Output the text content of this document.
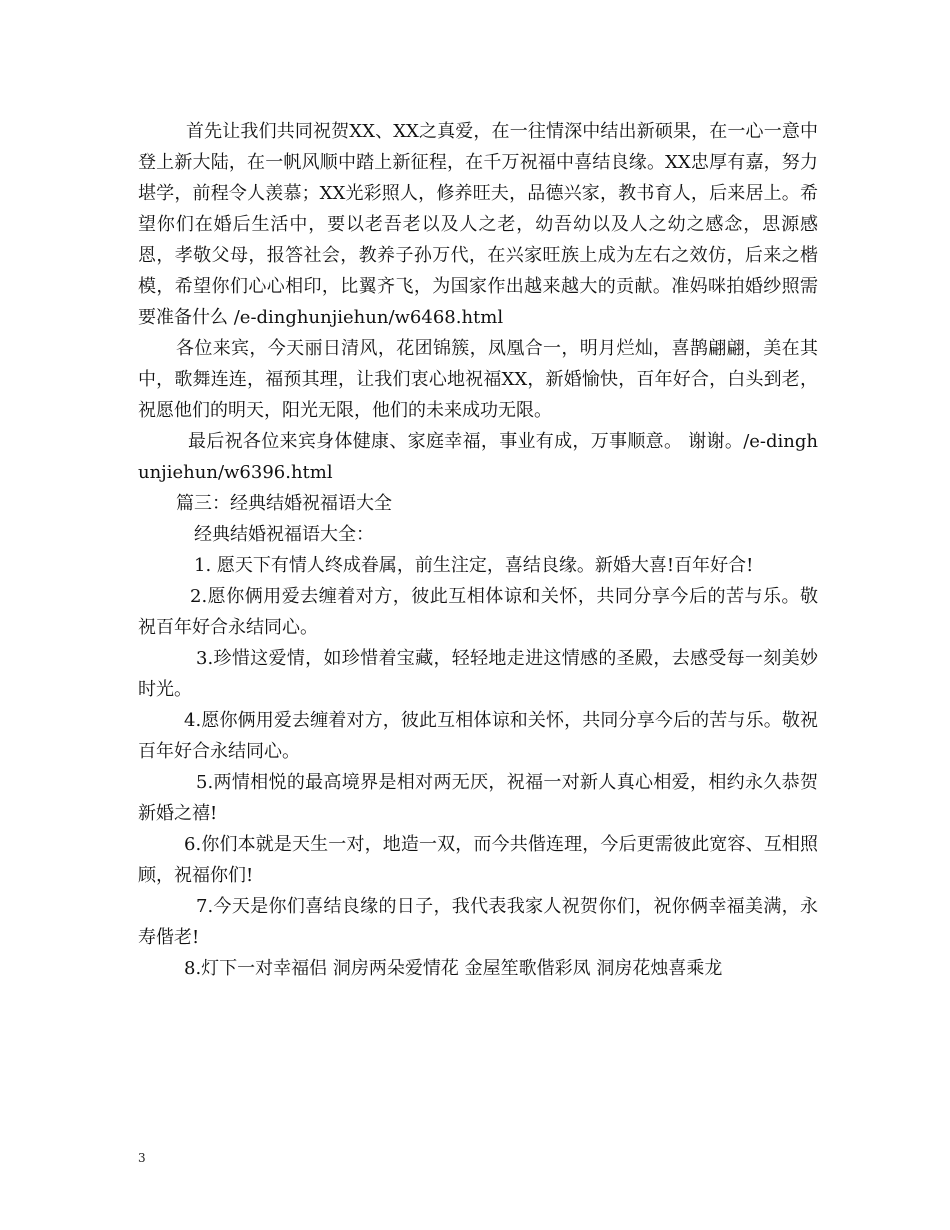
首先让我们共同祝贺XX、XX之真爱，在一往情深中结出新硕果，在一心一意中登上新大陆，在一帆风顺中踏上新征程，在千万祝福中喜结良缘。XX忠厚有嘉，努力堪学，前程令人羡慕；XX光彩照人，修养旺夫，品德兴家，教书育人，后来居上。希望你们在婚后生活中，要以老吾老以及人之老，幼吾幼以及人之幼之感念，思源感恩，孝敬父母，报答社会，教养子孙万代，在兴家旺族上成为左右之效仿，后来之楷模，希望你们心心相印，比翼齐飞，为国家作出越来越大的贡献。准妈咪拍婚纱照需要准备什么 /e-dinghunjiehun/w6468.html

各位来宾，今天丽日清风，花团锦簇，凤凰合一，明月烂灿，喜鹊翩翩，美在其中，歌舞连连，福预其理，让我们衷心地祝福XX，新婚愉快，百年好合，白头到老，祝愿他们的明天，阳光无限，他们的未来成功无限。

最后祝各位来宾身体健康、家庭幸福，事业有成，万事顺意。 谢谢。/e-dinghunjiehun/w6396.html

篇三：经典结婚祝福语大全

经典结婚祝福语大全：

1. 愿天下有情人终成眷属，前生注定，喜结良缘。新婚大喜!百年好合!

2.愿你俩用爱去缠着对方，彼此互相体谅和关怀，共同分享今后的苦与乐。敬祝百年好合永结同心。

3.珍惜这爱情，如珍惜着宝藏，轻轻地走进这情感的圣殿，去感受每一刻美妙时光。

4.愿你俩用爱去缠着对方，彼此互相体谅和关怀，共同分享今后的苦与乐。敬祝百年好合永结同心。

5.两情相悦的最高境界是相对两无厌，祝福一对新人真心相爱，相约永久恭贺新婚之禧!

6.你们本就是天生一对，地造一双，而今共偕连理，今后更需彼此宽容、互相照顾，祝福你们!

7.今天是你们喜结良缘的日子，我代表我家人祝贺你们，祝你俩幸福美满，永寿偕老!

8.灯下一对幸福侣 洞房两朵爱情花 金屋笙歌偕彩凤 洞房花烛喜乘龙

3
